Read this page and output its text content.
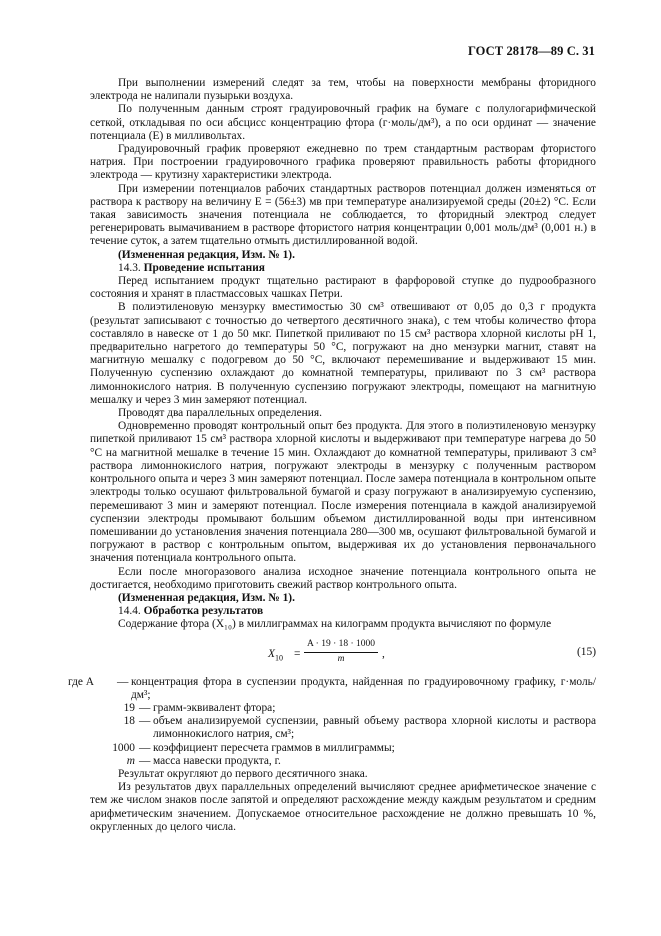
ГОСТ 28178—89 С. 31

При выполнении измерений следят за тем, чтобы на поверхности мембраны фторидного электрода не налипали пузырьки воздуха.

По полученным данным строят градуировочный график на бумаге с полулогарифмической сеткой, откладывая по оси абсцисс концентрацию фтора (г·моль/дм³), а по оси ординат — значение потенциала (E) в милливольтах.

Градуировочный график проверяют ежедневно по трем стандартным растворам фтористого натрия. При построении градуировочного графика проверяют правильность работы фторидного электрода — крутизну характеристики электрода.

При измерении потенциалов рабочих стандартных растворов потенциал должен изменяться от раствора к раствору на величину E = (56±3) мв при температуре анализируемой среды (20±2) °С. Если такая зависимость значения потенциала не соблюдается, то фторидный электрод следует регенерировать вымачиванием в растворе фтористого натрия концентрации 0,001 моль/дм³ (0,001 н.) в течение суток, а затем тщательно отмыть дистиллированной водой.

(Измененная редакция, Изм. № 1).

14.3. Проведение испытания

Перед испытанием продукт тщательно растирают в фарфоровой ступке до пудрообразного состояния и хранят в пластмассовых чашках Петри.

В полиэтиленовую мензурку вместимостью 30 см³ отвешивают от 0,05 до 0,3 г продукта (результат записывают с точностью до четвертого десятичного знака), с тем чтобы количество фтора составляло в навеске от 1 до 50 мкг. Пипеткой приливают по 15 см³ раствора хлорной кислоты рН 1, предварительно нагретого до температуры 50 °С, погружают на дно мензурки магнит, ставят на магнитную мешалку с подогревом до 50 °С, включают перемешивание и выдерживают 15 мин. Полученную суспензию охлаждают до комнатной температуры, приливают по 3 см³ раствора лимоннокислого натрия. В полученную суспензию погружают электроды, помещают на магнитную мешалку и через 3 мин замеряют потенциал.

Проводят два параллельных определения.

Одновременно проводят контрольный опыт без продукта. Для этого в полиэтиленовую мензурку пипеткой приливают 15 см³ раствора хлорной кислоты и выдерживают при температуре нагрева до 50 °С на магнитной мешалке в течение 15 мин. Охлаждают до комнатной температуры, приливают 3 см³ раствора лимоннокислого натрия, погружают электроды в мензурку с полученным раствором контрольного опыта и через 3 мин замеряют потенциал. После замера потенциала в контрольном опыте электроды только осушают фильтровальной бумагой и сразу погружают в анализируемую суспензию, перемешивают 3 мин и замеряют потенциал. После измерения потенциала в каждой анализируемой суспензии электроды промывают большим объемом дистиллированной воды при интенсивном помешивании до установления значения потенциала 280—300 мв, осушают фильтровальной бумагой и погружают в раствор с контрольным опытом, выдерживая их до установления первоначального значения потенциала контрольного опыта.

Если после многоразового анализа исходное значение потенциала контрольного опыта не достигается, необходимо приготовить свежий раствор контрольного опыта.

(Измененная редакция, Изм. № 1).

14.4. Обработка результатов

Содержание фтора (X₁₀) в миллиграммах на килограмм продукта вычисляют по формуле

$X_{10} = \frac{A \cdot 19 \cdot 18 \cdot 1000}{m}$ ,	(15)
где A	— концентрация фтора в суспензии продукта, найденная по градуировочному графику, г·моль/дм³;
19 — грамм-эквивалент фтора;
18 — объем анализируемой суспензии, равный объему раствора хлорной кислоты и раствора лимоннокислого натрия, см³;
1000 — коэффициент пересчета граммов в миллиграммы;
m — масса навески продукта, г.

Результат округляют до первого десятичного знака.

Из результатов двух параллельных определений вычисляют среднее арифметическое значение с тем же числом знаков после запятой и определяют расхождение между каждым результатом и средним арифметическим значением. Допускаемое относительное расхождение не должно превышать 10 %, округленных до целого числа.
